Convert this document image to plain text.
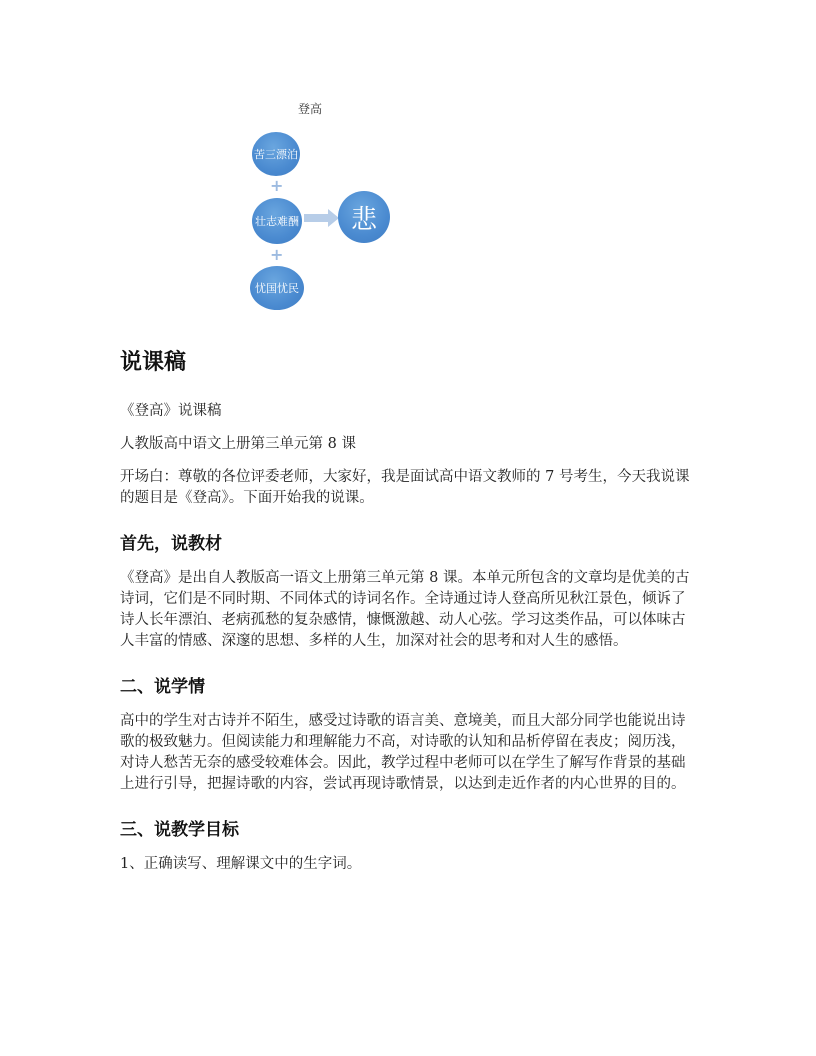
登高
苦三漂泊
+
壮志难酬
+
忧国忧民
悲
说课稿

《登高》说课稿

人教版高中语文上册第三单元第 8 课

开场白：尊敬的各位评委老师，大家好，我是面试高中语文教师的 7 号考生，今天我说课的题目是《登高》。下面开始我的说课。

首先，说教材

《登高》是出自人教版高一语文上册第三单元第 8 课。本单元所包含的文章均是优美的古诗词，它们是不同时期、不同体式的诗词名作。全诗通过诗人登高所见秋江景色，倾诉了诗人长年漂泊、老病孤愁的复杂感情，慷慨激越、动人心弦。学习这类作品，可以体味古人丰富的情感、深邃的思想、多样的人生，加深对社会的思考和对人生的感悟。

二、说学情

高中的学生对古诗并不陌生，感受过诗歌的语言美、意境美，而且大部分同学也能说出诗歌的极致魅力。但阅读能力和理解能力不高，对诗歌的认知和品析停留在表皮；阅历浅，对诗人愁苦无奈的感受较难体会。因此，教学过程中老师可以在学生了解写作背景的基础上进行引导，把握诗歌的内容，尝试再现诗歌情景，以达到走近作者的内心世界的目的。

三、说教学目标

1、正确读写、理解课文中的生字词。
